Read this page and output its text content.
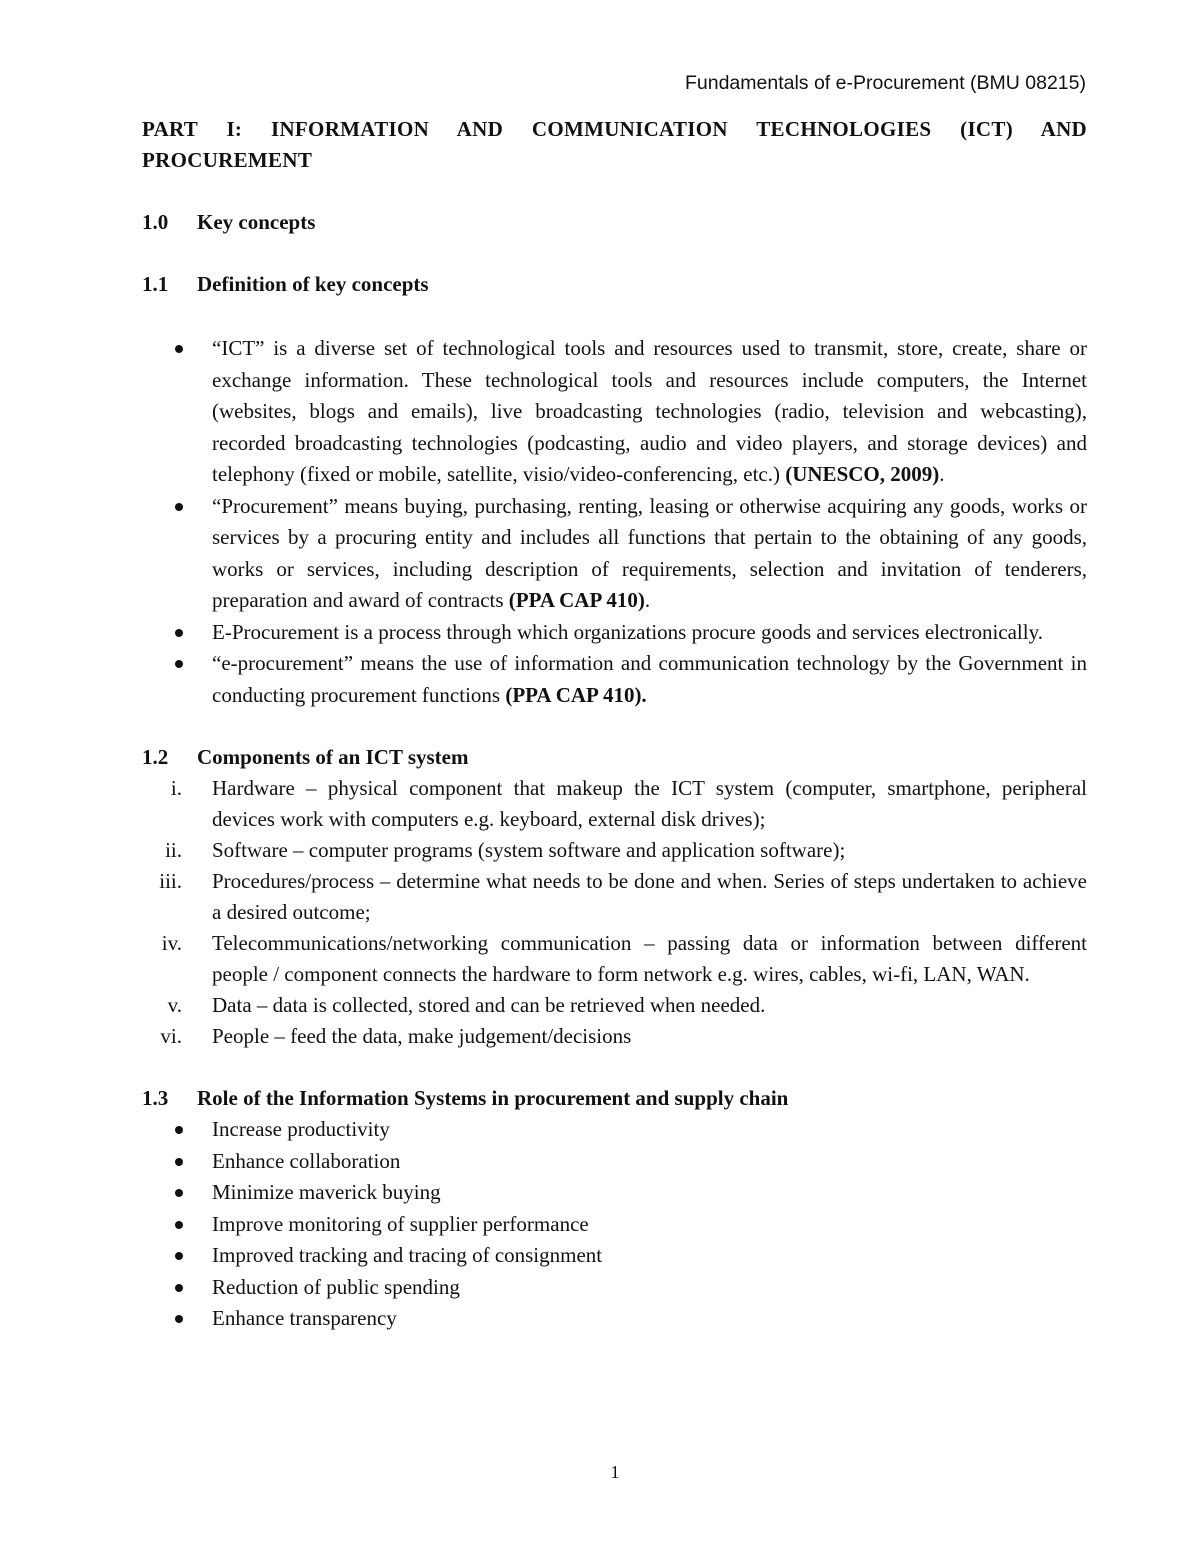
Fundamentals of e-Procurement (BMU 08215)

PART I: INFORMATION AND COMMUNICATION TECHNOLOGIES (ICT) AND PROCUREMENT

1.0	Key concepts
1.1	Definition of key concepts
“ICT” is a diverse set of technological tools and resources used to transmit, store, create, share or exchange information. These technological tools and resources include computers, the Internet (websites, blogs and emails), live broadcasting technologies (radio, television and webcasting), recorded broadcasting technologies (podcasting, audio and video players, and storage devices) and telephony (fixed or mobile, satellite, visio/video-conferencing, etc.) (UNESCO, 2009).
“Procurement” means buying, purchasing, renting, leasing or otherwise acquiring any goods, works or services by a procuring entity and includes all functions that pertain to the obtaining of any goods, works or services, including description of requirements, selection and invitation of tenderers, preparation and award of contracts (PPA CAP 410).
E-Procurement is a process through which organizations procure goods and services electronically.
“e-procurement” means the use of information and communication technology by the Government in conducting procurement functions (PPA CAP 410).
1.2	Components of an ICT system
i. Hardware – physical component that makeup the ICT system (computer, smartphone, peripheral devices work with computers e.g. keyboard, external disk drives);
ii. Software – computer programs (system software and application software);
iii. Procedures/process – determine what needs to be done and when. Series of steps undertaken to achieve a desired outcome;
iv. Telecommunications/networking communication – passing data or information between different people / component connects the hardware to form network e.g. wires, cables, wi-fi, LAN, WAN.
v. Data – data is collected, stored and can be retrieved when needed.
vi. People – feed the data, make judgement/decisions
1.3	Role of the Information Systems in procurement and supply chain
Increase productivity
Enhance collaboration
Minimize maverick buying
Improve monitoring of supplier performance
Improved tracking and tracing of consignment
Reduction of public spending
Enhance transparency
1
